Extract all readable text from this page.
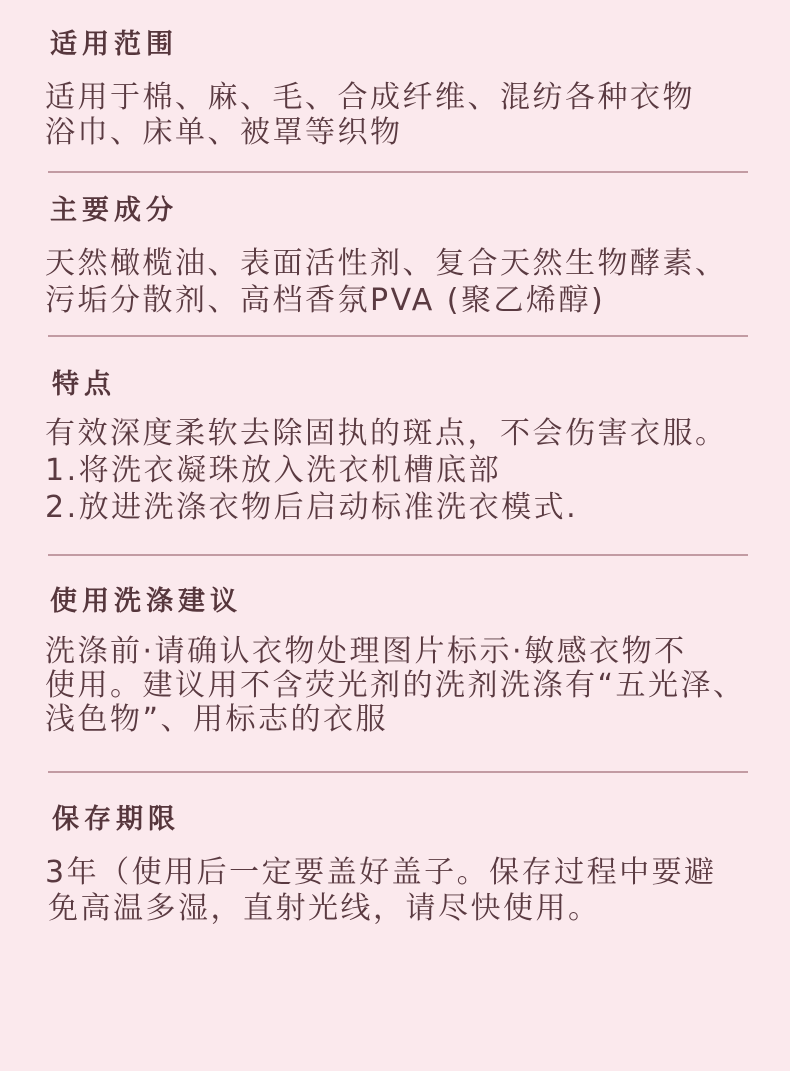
适用范围
适用于棉、麻、毛、合成纤维、混纺各种衣物
浴巾、床单、被罩等织物
主要成分
天然橄榄油、表面活性剂、复合天然生物酵素、
污垢分散剂、高档香氛PVA (聚乙烯醇)
特点
有效深度柔软去除固执的斑点，不会伤害衣服。
1.将洗衣凝珠放入洗衣机槽底部
2.放进洗涤衣物后启动标准洗衣模式.
使用洗涤建议
洗涤前·请确认衣物处理图片标示·敏感衣物不
使用。建议用不含荧光剂的洗剂洗涤有“五光泽、
浅色物”、用标志的衣服
保存期限
3年（使用后一定要盖好盖子。保存过程中要避
免高温多湿，直射光线，请尽快使用。
